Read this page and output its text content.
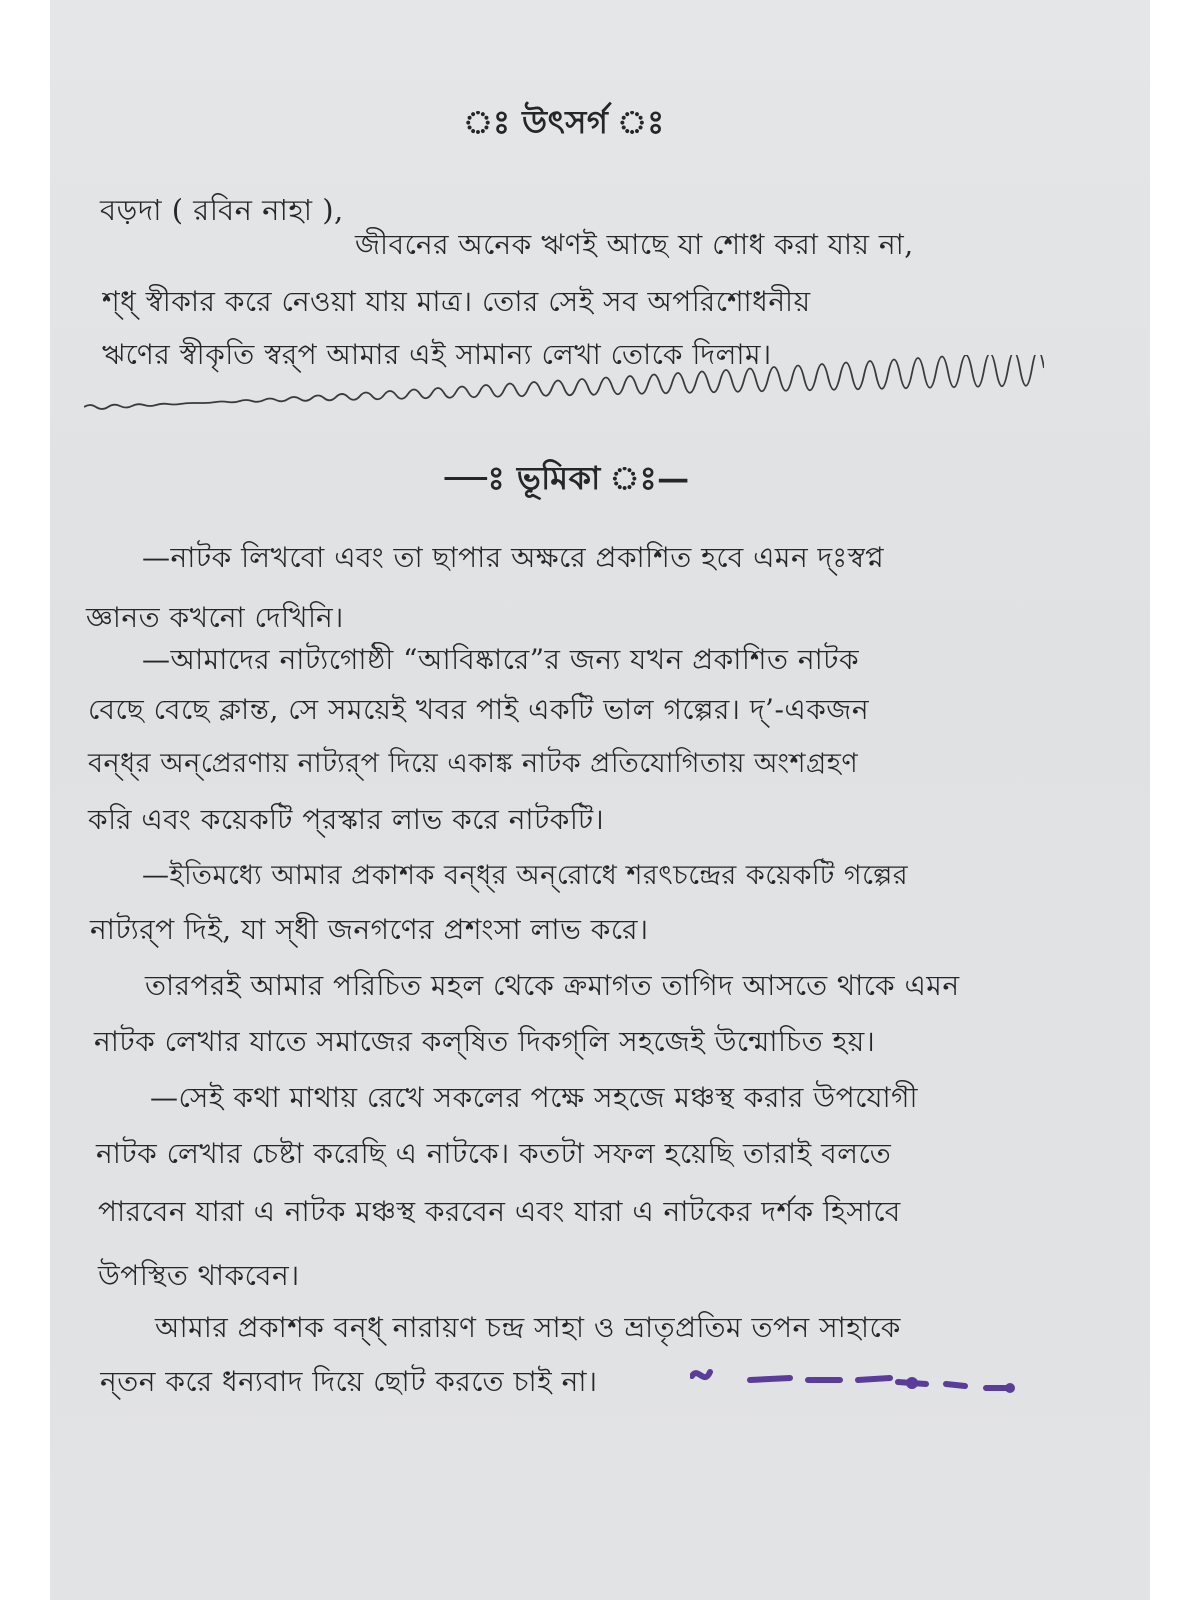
ঃ উৎসর্গ ঃ
বড়দা ( রবিন নাহা ),
জীবনের অনেক ঋণই আছে যা শোধ করা যায় না,
শ্‌ধ্‌ স্বীকার করে নেওয়া যায় মাত্র। তোর সেই সব অপরিশোধনীয়
ঋণের স্বীকৃতি স্বর্‌প আমার এই সামান্য লেখা তোকে দিলাম।
—ঃ ভূমিকা ঃ—
—নাটক লিখবো এবং তা ছাপার অক্ষরে প্রকাশিত হবে এমন দ্‌ঃস্বপ্ন
জ্ঞানত কখনো দেখিনি।
—আমাদের নাট্যগোষ্ঠী “আবিষ্কারে”র জন্য যখন প্রকাশিত নাটক
বেছে বেছে ক্লান্ত, সে সময়েই খবর পাই একটি ভাল গল্পের। দ্‌’-একজন
বন্ধ্‌র অন্‌প্রেরণায় নাট্যর্‌প দিয়ে একাঙ্ক নাটক প্রতিযোগিতায় অংশগ্রহণ
করি এবং কয়েকটি প্‌রস্কার লাভ করে নাটকটি।
—ইতিমধ্যে আমার প্রকাশক বন্ধ্‌র অন্‌রোধে শরৎচন্দ্রের কয়েকটি গল্পের
নাট্যর্‌প দিই, যা স্‌ধী জনগণের প্রশংসা লাভ করে।
তারপরই আমার পরিচিত মহল থেকে ক্রমাগত তাগিদ আসতে থাকে এমন
নাটক লেখার যাতে সমাজের কল্‌ষিত দিকগ্‌লি সহজেই উন্মোচিত হয়।
—সেই কথা মাথায় রেখে সকলের পক্ষে সহজে মঞ্চস্থ করার উপযোগী
নাটক লেখার চেষ্টা করেছি এ নাটকে। কতটা সফল হয়েছি তারাই বলতে
পারবেন যারা এ নাটক মঞ্চস্থ করবেন এবং যারা এ নাটকের দর্শক হিসাবে
উপস্থিত থাকবেন।
আমার প্রকাশক বন্ধ্‌ নারায়ণ চন্দ্র সাহা ও ভ্রাতৃপ্রতিম তপন সাহাকে
ন্‌তন করে ধন্যবাদ দিয়ে ছোট করতে চাই না।
